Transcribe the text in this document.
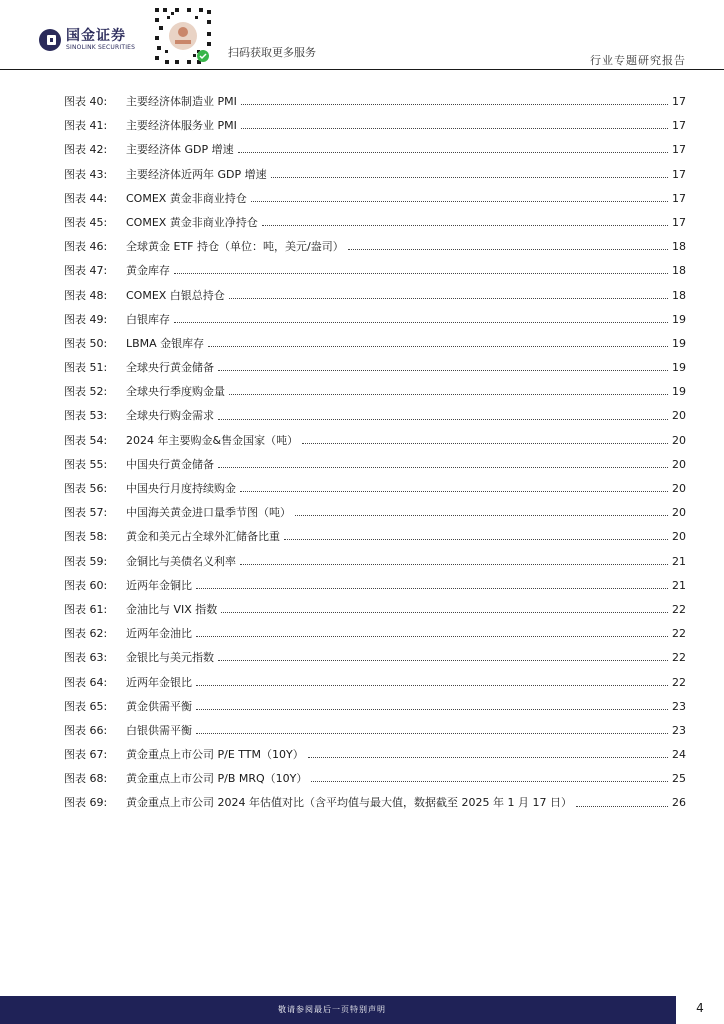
国金证券
SINOLINK SECURITIES	扫码获取更多服务
行业专题研究报告
图表 40:	主要经济体制造业 PMI	17
图表 41:	主要经济体服务业 PMI	17
图表 42:	主要经济体 GDP 增速	17
图表 43:	主要经济体近两年 GDP 增速	17
图表 44:	COMEX 黄金非商业持仓	17
图表 45:	COMEX 黄金非商业净持仓	17
图表 46:	全球黄金 ETF 持仓（单位：吨，美元/盎司）	18
图表 47:	黄金库存	18
图表 48:	COMEX 白银总持仓	18
图表 49:	白银库存	19
图表 50:	LBMA 金银库存	19
图表 51:	全球央行黄金储备	19
图表 52:	全球央行季度购金量	19
图表 53:	全球央行购金需求	20
图表 54:	2024 年主要购金&售金国家（吨）	20
图表 55:	中国央行黄金储备	20
图表 56:	中国央行月度持续购金	20
图表 57:	中国海关黄金进口量季节图（吨）	20
图表 58:	黄金和美元占全球外汇储备比重	20
图表 59:	金铜比与美债名义利率	21
图表 60:	近两年金铜比	21
图表 61:	金油比与 VIX 指数	22
图表 62:	近两年金油比	22
图表 63:	金银比与美元指数	22
图表 64:	近两年金银比	22
图表 65:	黄金供需平衡	23
图表 66:	白银供需平衡	23
图表 67:	黄金重点上市公司 P/E TTM（10Y）	24
图表 68:	黄金重点上市公司 P/B MRQ（10Y）	25
图表 69:	黄金重点上市公司 2024 年估值对比（含平均值与最大值，数据截至 2025 年 1 月 17 日）	26
敬请参阅最后一页特别声明	4
